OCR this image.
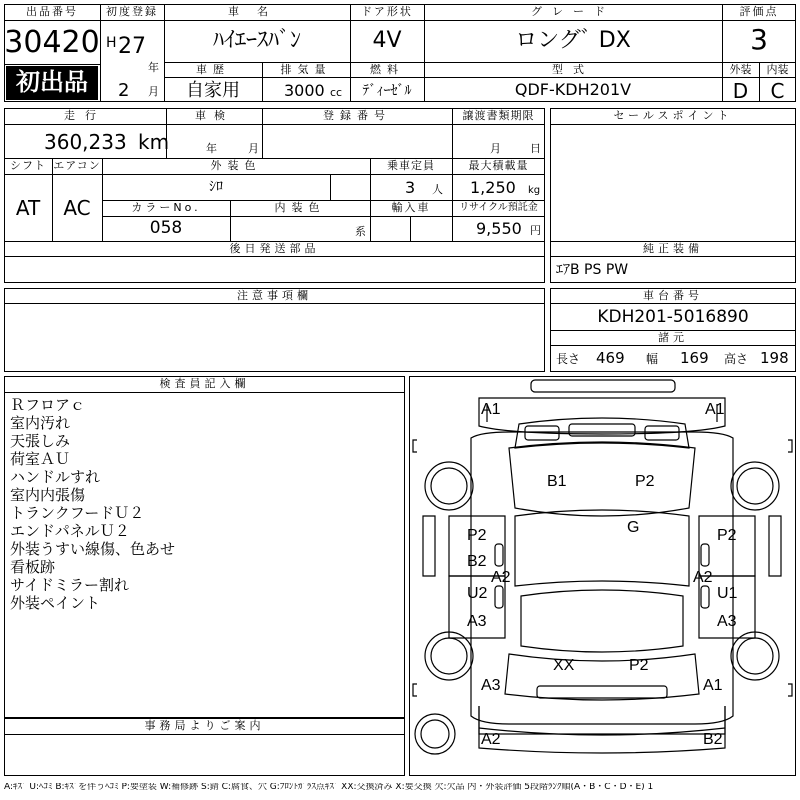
出品番号
30420
初出品
初度登録
H 27
年
2 月
車名
ﾊｲｴｰｽﾊﾞﾝ
ドア形状
4V
グレード
ロングﾞ DX
評価点
3
車歴
自家用
排気量
3000 cc
燃料
ﾃﾞｨｰｾﾞﾙ
型式
QDF-KDH201V
外装	内装
D	C
走行
360,233 km
車検
年	月
登録番号	譲渡書類期限
月	日
シフト エアコン
AT	AC
外装色
ｼﾛ
乗車定員
3 人
最大積載量
1,250 kg
カラーNo.
058
内装色
系
輸入車	リサイクル預託金
9,550 円
セールスポイント
後日発送部品	純正装備
ｴｱB PS PW
注意事項欄	車台番号
KDH201-5016890
諸元
長さ 469 幅 169 高さ 198
検査員記入欄
Ｒフロアｃ
室内汚れ
天張しみ
荷室ＡＵ
ハンドルすれ
室内内張傷
トランクフードＵ２
エンドパネルＵ２
外装うすい線傷、色あせ
看板跡
サイドミラー割れ
外装ペイント
事務局よりご案内
A1	A1
B1	P2
G
P2
B2
A2
U2
A3
P2
A2
U1
A3
XX	P2
A3	A1
A2	B2
A:ｷｽﾞ U:ﾍｺﾐ B:ｷｽﾞを伴うﾍｺﾐ P:要塗装 W:補修跡 S:錆 C:腐食、穴 G:ﾌﾛﾝﾄｶﾞﾗｽ点ｷｽﾞ XX:交換済み X:要交換 欠:欠品 内・外装評価 5段階ﾗﾝｸ順(A・B・C・D・E) 1
